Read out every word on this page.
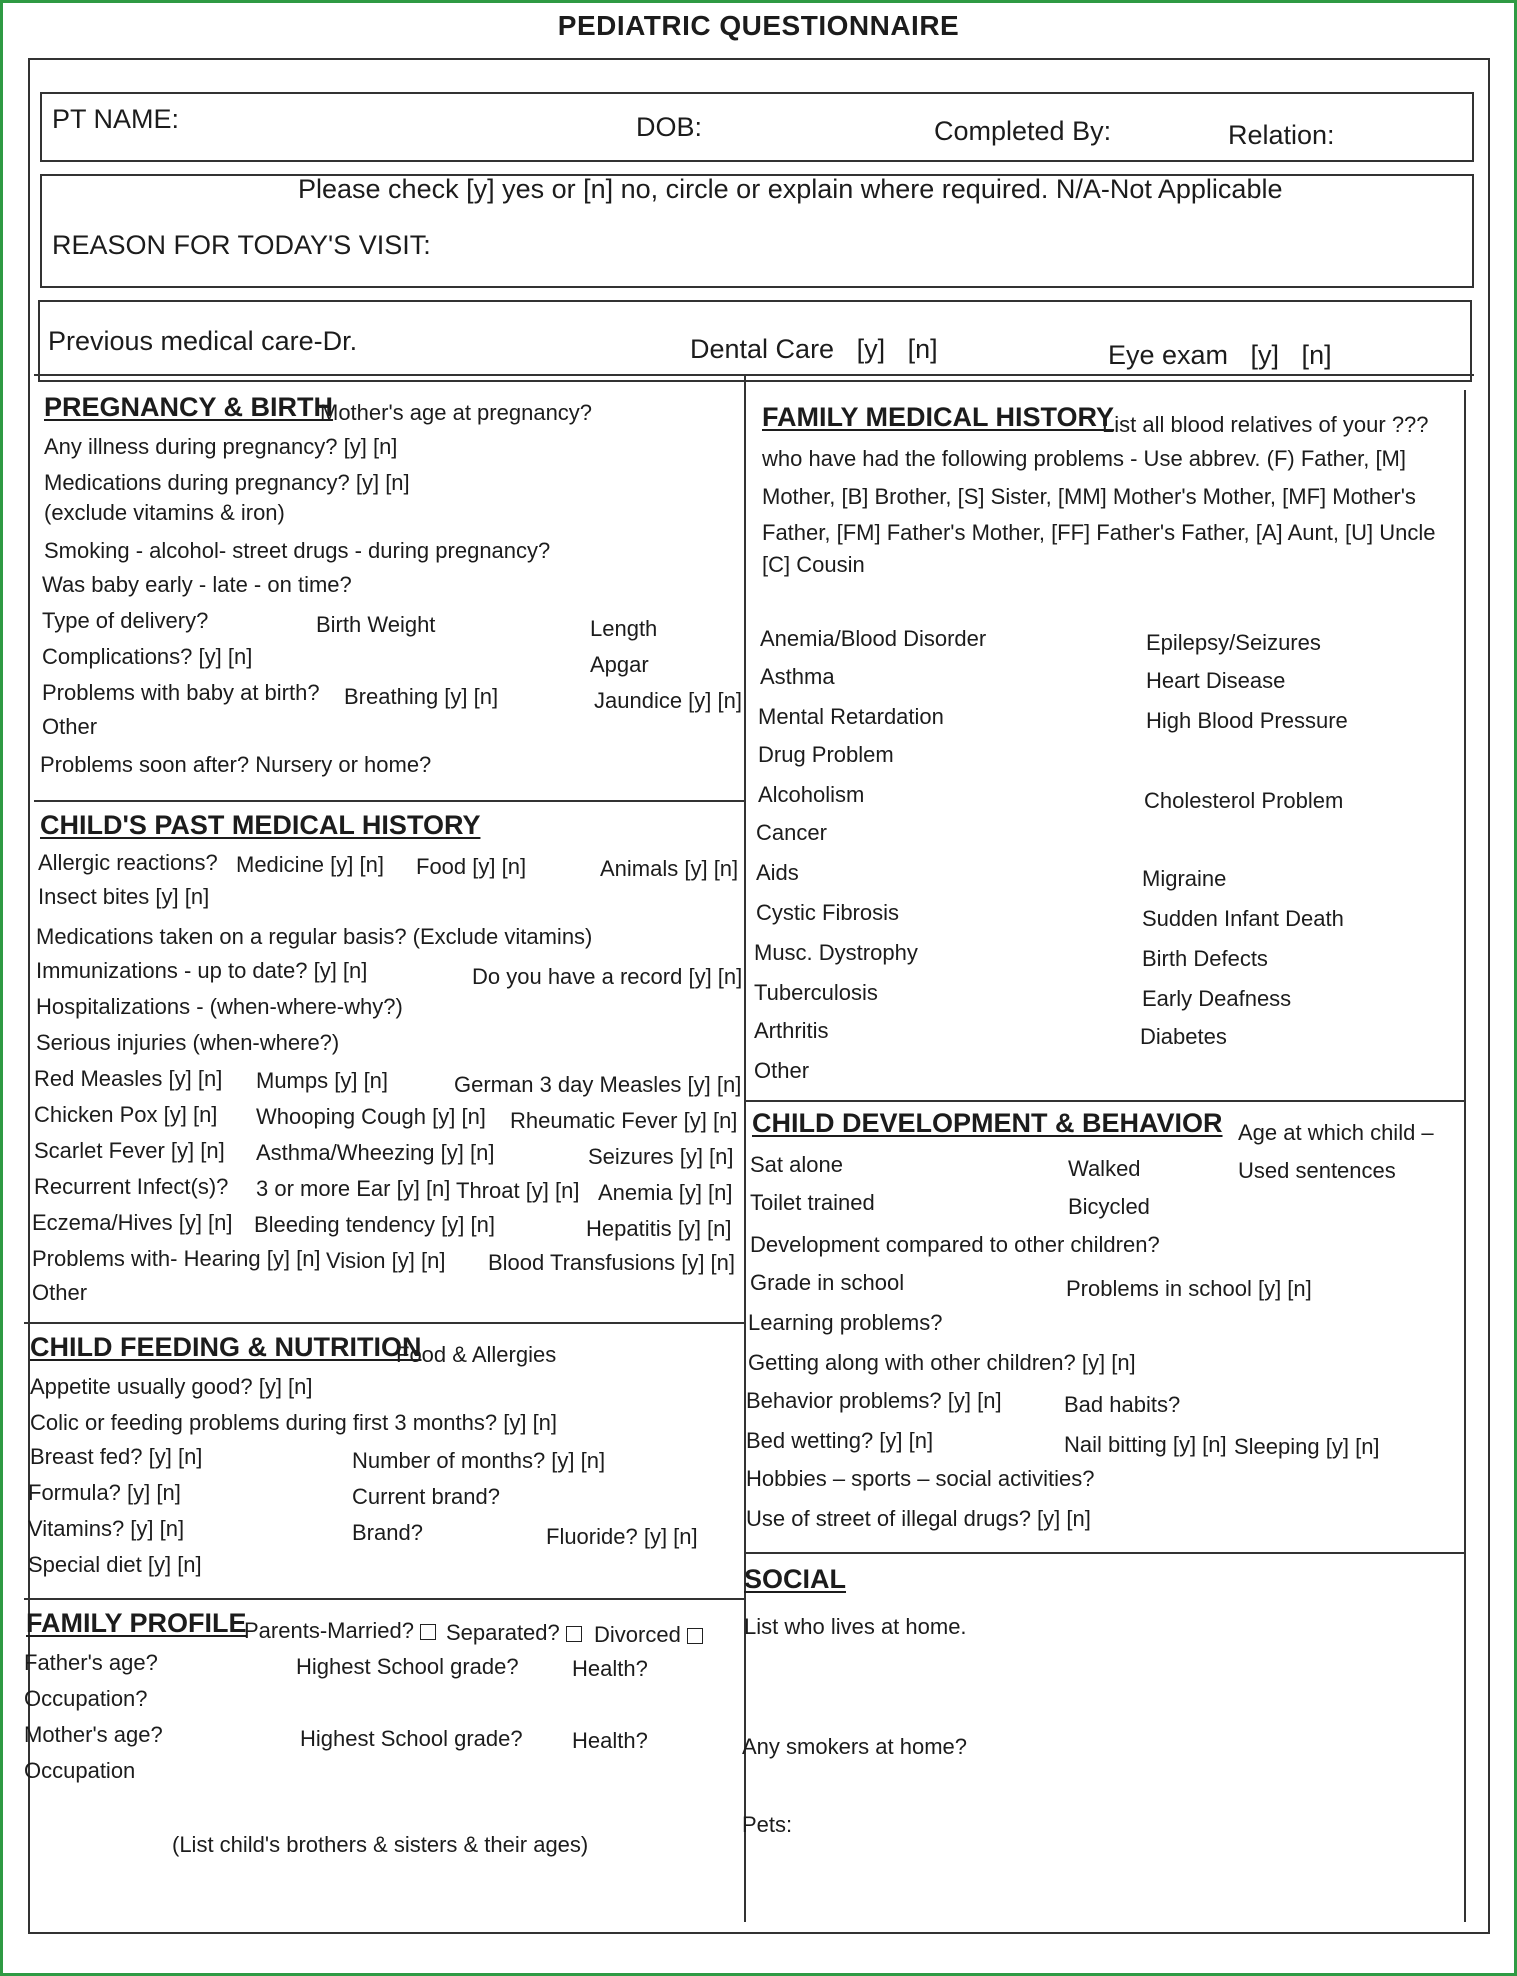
PEDIATRIC QUESTIONNAIRE
PT NAME:	DOB:	Completed By:	Relation:
Please check [y] yes or [n] no, circle or explain where required. N/A-Not Applicable
REASON FOR TODAY'S VISIT:
Previous medical care-Dr.	Dental Care   [y]   [n]	Eye exam   [y]   [n]
PREGNANCY & BIRTH
Mother's age at pregnancy?
Any illness during pregnancy? [y] [n]
Medications during pregnancy? [y] [n]
(exclude vitamins & iron)
Smoking - alcohol- street drugs - during pregnancy?
Was baby early - late - on time?
Type of delivery?	Birth Weight	Length
Complications? [y] [n]	Apgar
Problems with baby at birth? Breathing [y] [n]	Jaundice [y] [n]
Other
Problems soon after? Nursery or home?
CHILD'S PAST MEDICAL HISTORY
Allergic reactions? Medicine [y] [n] Food [y] [n]	Animals [y] [n]
Insect bites [y] [n]
Medications taken on a regular basis? (Exclude vitamins)
Immunizations - up to date? [y] [n]	Do you have a record [y] [n]
Hospitalizations - (when-where-why?)
Serious injuries (when-where?)
Red Measles [y] [n] Mumps [y] [n]	German 3 day Measles [y] [n]
Chicken Pox [y] [n] Whooping Cough [y] [n] Rheumatic Fever [y] [n]
Scarlet Fever [y] [n] Asthma/Wheezing [y] [n]	Seizures [y] [n]
Recurrent Infect(s)? 3 or more Ear [y] [n] Throat [y] [n] Anemia [y] [n]
Eczema/Hives [y] [n] Bleeding tendency [y] [n]	Hepatitis [y] [n]
Problems with- Hearing [y] [n] Vision [y] [n] Blood Transfusions [y] [n]
Other
CHILD FEEDING & NUTRITION
Food & Allergies
Appetite usually good? [y] [n]
Colic or feeding problems during first 3 months? [y] [n]
Breast fed? [y] [n]	Number of months? [y] [n]
Formula? [y] [n]	Current brand?
Vitamins? [y] [n]	Brand?	Fluoride? [y] [n]
Special diet [y] [n]
FAMILY PROFILE
Parents-Married?	Separated?	Divorced
Father's age?	Highest School grade? Health?
Occupation?
Mother's age?	Highest School grade? Health?
Occupation
(List child's brothers & sisters & their ages)
FAMILY MEDICAL HISTORY
List all blood relatives of your ???
who have had the following problems - Use abbrev. (F) Father, [M]
Mother, [B] Brother, [S] Sister, [MM] Mother's Mother, [MF] Mother's
Father, [FM] Father's Mother, [FF] Father's Father, [A] Aunt, [U] Uncle
[C] Cousin
Anemia/Blood Disorder
Asthma
Mental Retardation
Drug Problem
Alcoholism
Cancer
Aids
Cystic Fibrosis
Musc. Dystrophy
Tuberculosis
Arthritis
Other
Epilepsy/Seizures
Heart Disease
High Blood Pressure
Cholesterol Problem
Migraine
Sudden Infant Death
Birth Defects
Early Deafness
Diabetes
CHILD DEVELOPMENT & BEHAVIOR Age at which child –
Sat alone	Walked	Used sentences
Toilet trained	Bicycled
Development compared to other children?
Grade in school	Problems in school [y] [n]
Learning problems?
Getting along with other children? [y] [n]
Behavior problems? [y] [n]	Bad habits?
Bed wetting? [y] [n]	Nail bitting [y] [n] Sleeping [y] [n]
Hobbies – sports – social activities?
Use of street of illegal drugs? [y] [n]
SOCIAL
List who lives at home.
Any smokers at home?
Pets:
